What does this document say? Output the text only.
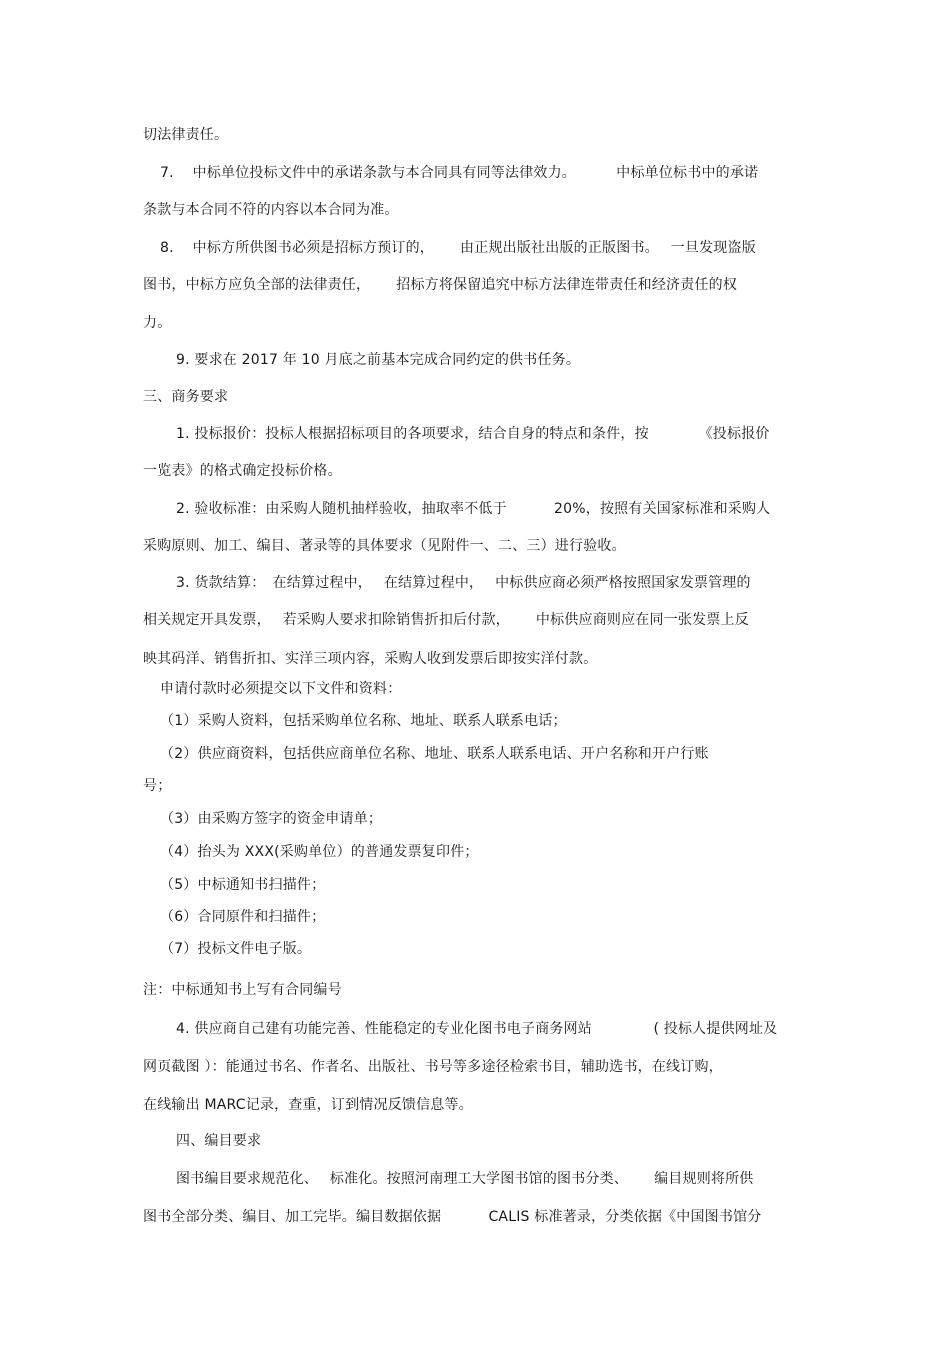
切法律责任。

7.　 中标单位投标文件中的承诺条款与本合同具有同等法律效力。　　　 中标单位标书中的承诺

条款与本合同不符的内容以本合同为准。

8.　 中标方所供图书必须是招标方预订的，　　 由正规出版社出版的正版图书。　 一旦发现盗版

图书，中标方应负全部的法律责任，　　 招标方将保留追究中标方法律连带责任和经济责任的权

力。

9. 要求在 2017 年 10 月底之前基本完成合同约定的供书任务。

三、商务要求

1. 投标报价：投标人根据招标项目的各项要求，结合自身的特点和条件，按　　　　《投标报价

一览表》的格式确定投标价格。

2. 验收标准：由采购人随机抽样验收，抽取率不低于　　　 20%，按照有关国家标准和采购人

采购原则、加工、编目、著录等的具体要求（见附件一、二、三）进行验收。

3. 货款结算：　在结算过程中，　 在结算过程中，　 中标供应商必须严格按照国家发票管理的

相关规定开具发票，　 若采购人要求扣除销售折扣后付款，　　 中标供应商则应在同一张发票上反

映其码洋、销售折扣、实洋三项内容，采购人收到发票后即按实洋付款。

申请付款时必须提交以下文件和资料：

（1）采购人资料，包括采购单位名称、地址、联系人联系电话；

（2）供应商资料，包括供应商单位名称、地址、联系人联系电话、开户名称和开户行账

号；

（3）由采购方签字的资金申请单；

（4）抬头为 XXX(采购单位）的普通发票复印件；

（5）中标通知书扫描件；

（6）合同原件和扫描件；

（7）投标文件电子版。

注：中标通知书上写有合同编号

4. 供应商自己建有功能完善、性能稳定的专业化图书电子商务网站　　　　 ( 投标人提供网址及

网页截图 ）：能通过书名、作者名、出版社、书号等多途径检索书目，辅助选书，在线订购，

在线输出 MARC记录，查重，订到情况反馈信息等。

四、编目要求

图书编目要求规范化、　 标准化。按照河南理工大学图书馆的图书分类、　　 编目规则将所供

图书全部分类、编目、加工完毕。编目数据依据　　　 CALIS 标准著录，分类依据《中国图书馆分
